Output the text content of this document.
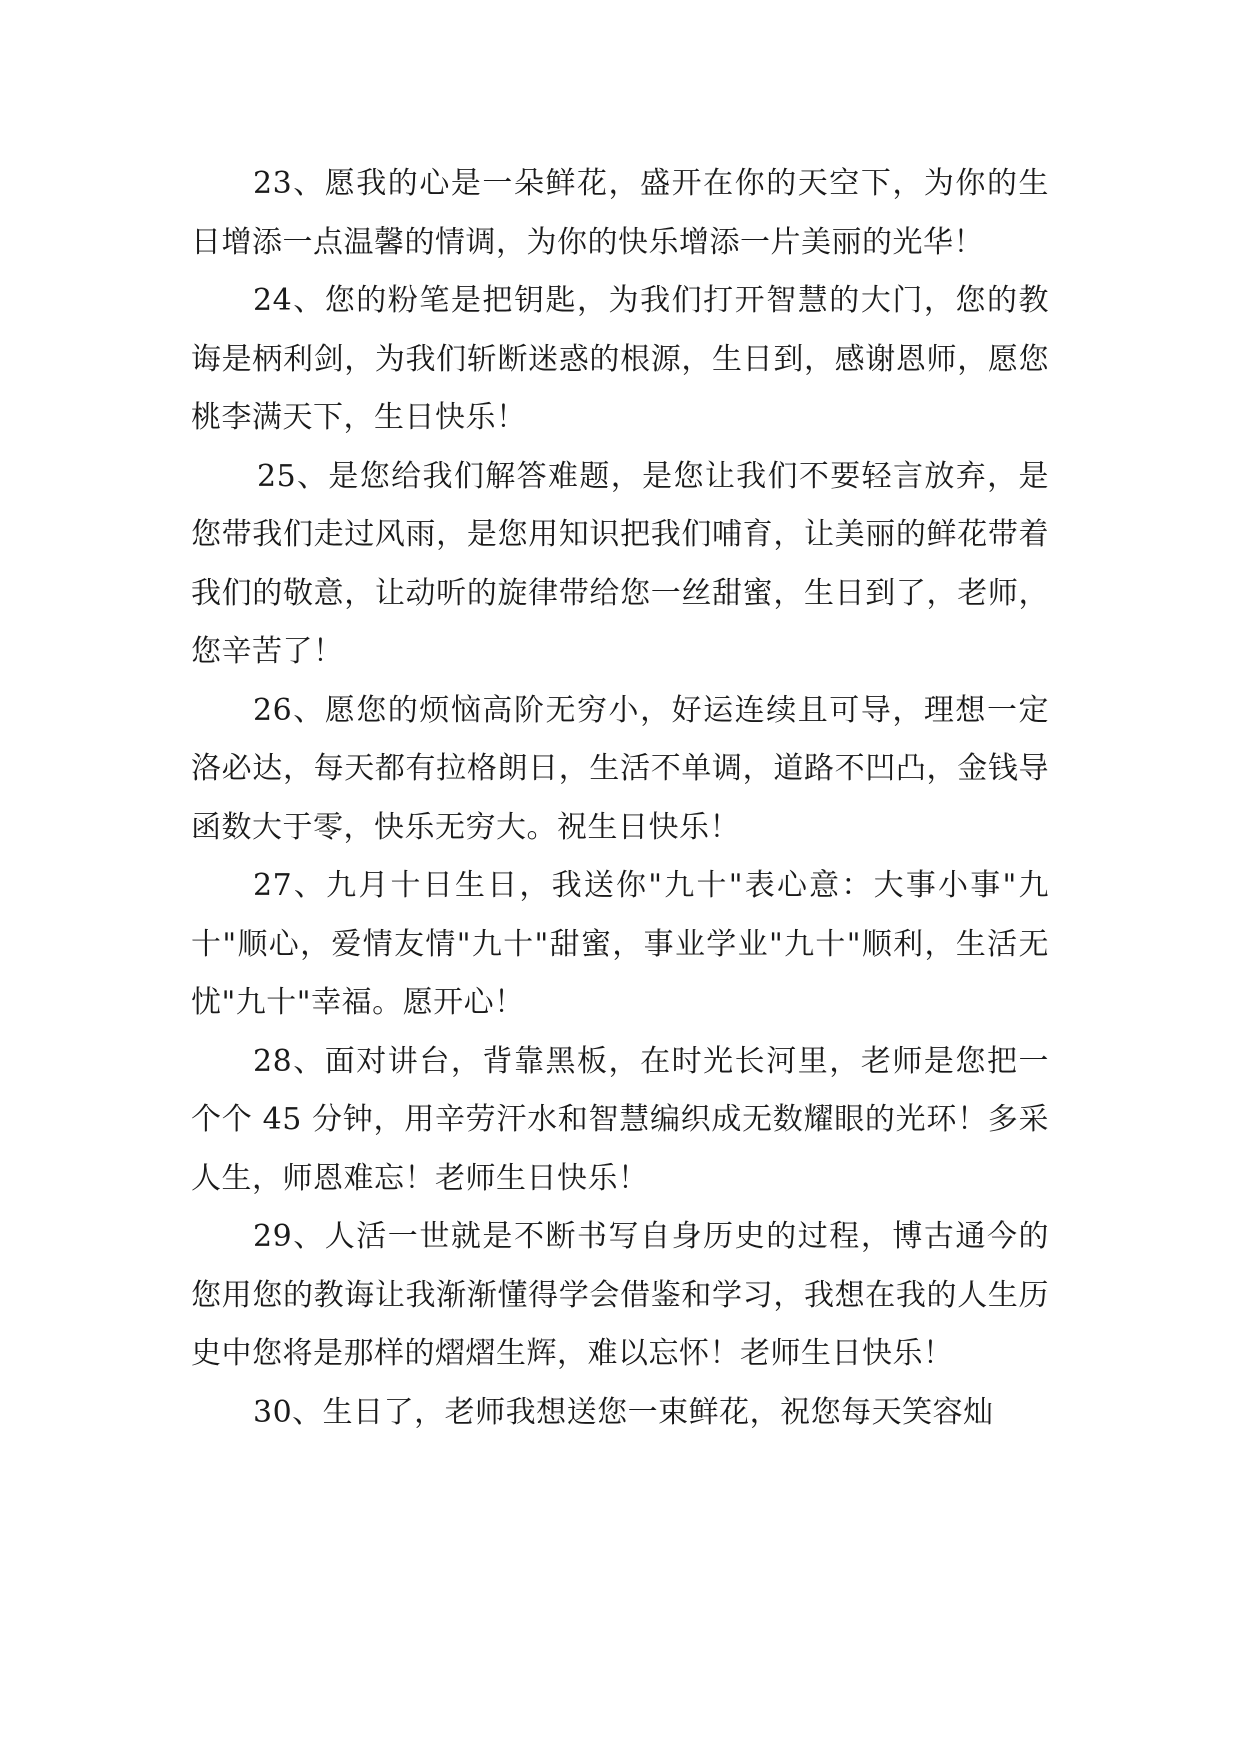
23、愿我的心是一朵鲜花，盛开在你的天空下，为你的生日增添一点温馨的情调，为你的快乐增添一片美丽的光华！

24、您的粉笔是把钥匙，为我们打开智慧的大门，您的教诲是柄利剑，为我们斩断迷惑的根源，生日到，感谢恩师，愿您桃李满天下，生日快乐！

25、是您给我们解答难题，是您让我们不要轻言放弃，是您带我们走过风雨，是您用知识把我们哺育，让美丽的鲜花带着我们的敬意，让动听的旋律带给您一丝甜蜜，生日到了，老师，您辛苦了！

26、愿您的烦恼高阶无穷小，好运连续且可导，理想一定洛必达，每天都有拉格朗日，生活不单调，道路不凹凸，金钱导函数大于零，快乐无穷大。祝生日快乐！

27、九月十日生日，我送你"九十"表心意：大事小事"九十"顺心，爱情友情"九十"甜蜜，事业学业"九十"顺利，生活无忧"九十"幸福。愿开心！

28、面对讲台，背靠黑板，在时光长河里，老师是您把一个个 45 分钟，用辛劳汗水和智慧编织成无数耀眼的光环！多采人生，师恩难忘！老师生日快乐！

29、人活一世就是不断书写自身历史的过程，博古通今的您用您的教诲让我渐渐懂得学会借鉴和学习，我想在我的人生历史中您将是那样的熠熠生辉，难以忘怀！老师生日快乐！

30、生日了，老师我想送您一束鲜花，祝您每天笑容灿
